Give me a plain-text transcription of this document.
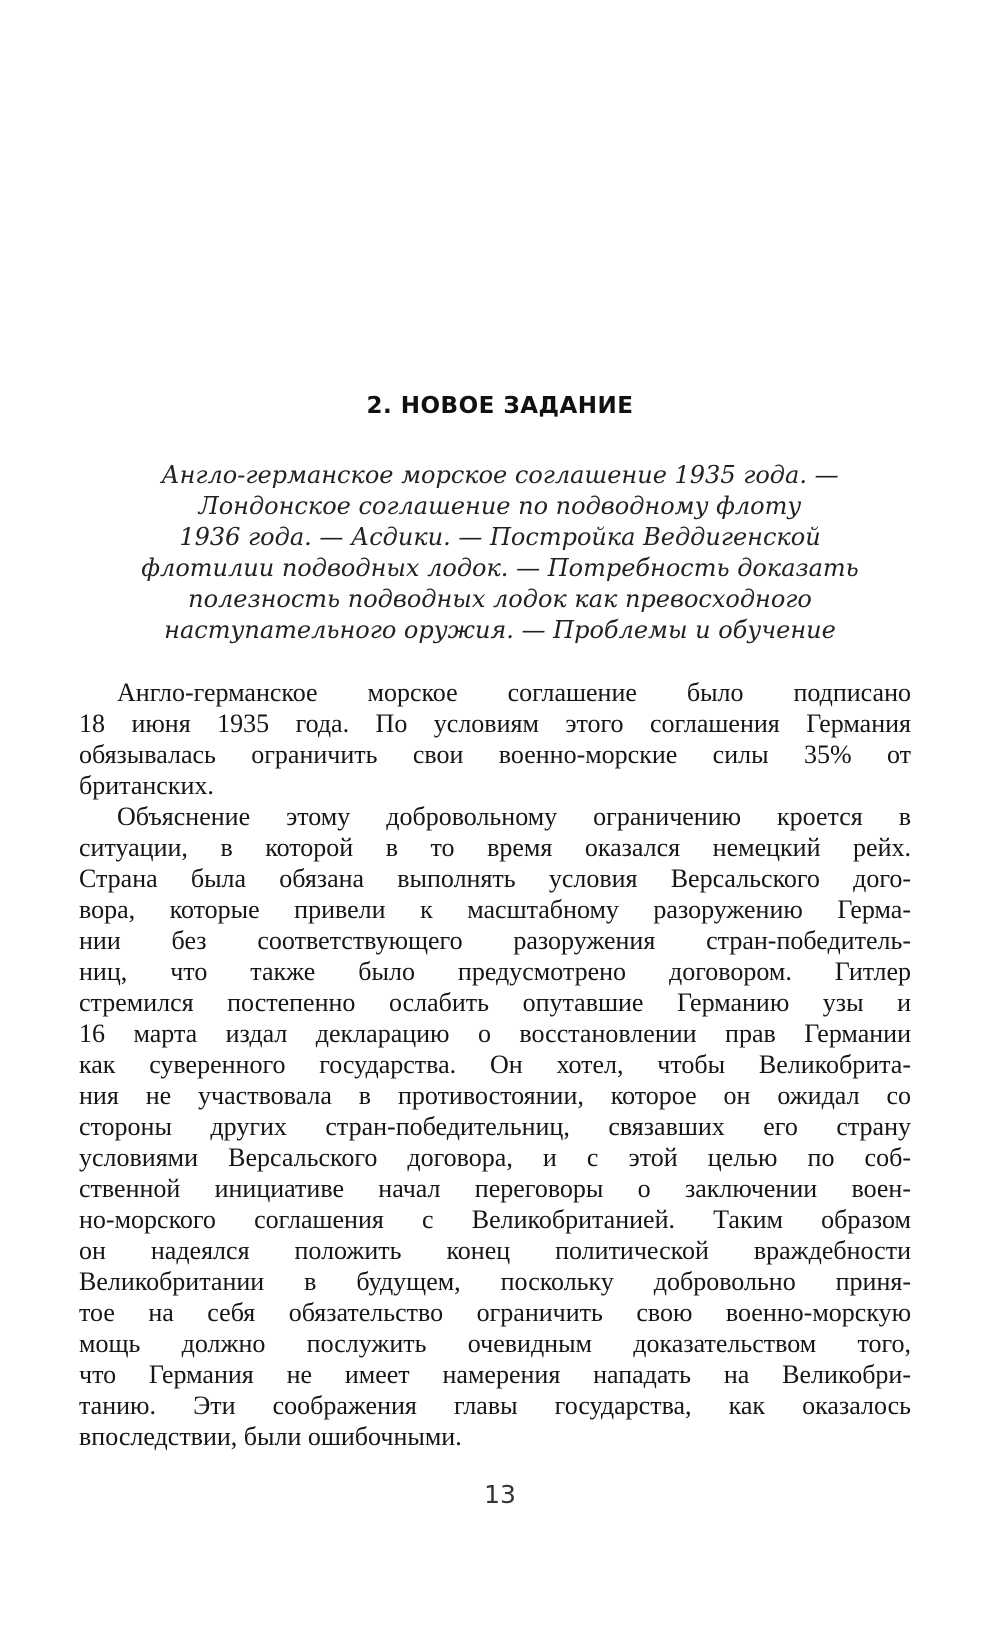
2. НОВОЕ ЗАДАНИЕ
Англо-германское морское соглашение 1935 года. —
Лондонское соглашение по подводному флоту
1936 года. — Асдики. — Постройка Веддигенской
флотилии подводных лодок. — Потребность доказать
полезность подводных лодок как превосходного
наступательного оружия. — Проблемы и обучение
Англо-германское морское соглашение было подписано
18 июня 1935 года. По условиям этого соглашения Германия
обязывалась ограничить свои военно-морские силы 35% от
британских.
Объяснение этому добровольному ограничению кроется в
ситуации, в которой в то время оказался немецкий рейх.
Страна была обязана выполнять условия Версальского дого-
вора, которые привели к масштабному разоружению Герма-
нии без соответствующего разоружения стран-победитель-
ниц, что также было предусмотрено договором. Гитлер
стремился постепенно ослабить опутавшие Германию узы и
16 марта издал декларацию о восстановлении прав Германии
как суверенного государства. Он хотел, чтобы Великобрита-
ния не участвовала в противостоянии, которое он ожидал со
стороны других стран-победительниц, связавших его страну
условиями Версальского договора, и с этой целью по соб-
ственной инициативе начал переговоры о заключении воен-
но-морского соглашения с Великобританией. Таким образом
он надеялся положить конец политической враждебности
Великобритании в будущем, поскольку добровольно приня-
тое на себя обязательство ограничить свою военно-морскую
мощь должно послужить очевидным доказательством того,
что Германия не имеет намерения нападать на Великобри-
танию. Эти соображения главы государства, как оказалось
впоследствии, были ошибочными.
13
